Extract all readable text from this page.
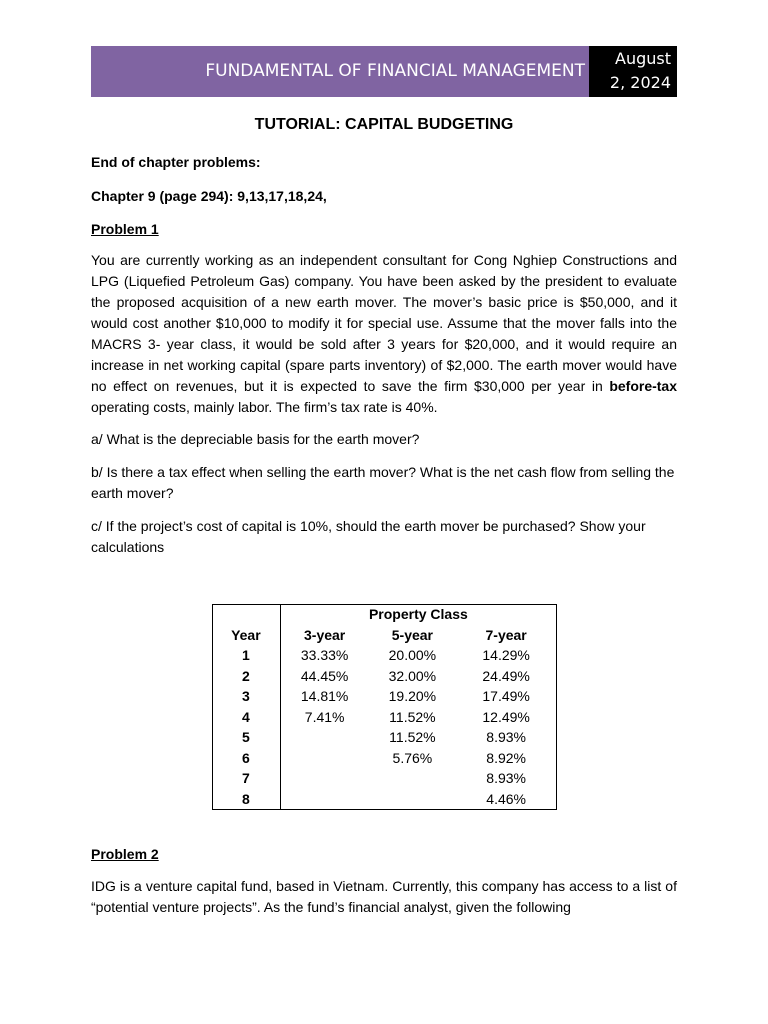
FUNDAMENTAL OF FINANCIAL MANAGEMENT
August
2, 2024
TUTORIAL: CAPITAL BUDGETING
End of chapter problems:
Chapter 9 (page 294): 9,13,17,18,24,
Problem 1
You are currently working as an independent consultant for Cong Nghiep Constructions and LPG (Liquefied Petroleum Gas) company. You have been asked by the president to evaluate the proposed acquisition of a new earth mover. The mover’s basic price is $50,000, and it would cost another $10,000 to modify it for special use. Assume that the mover falls into the MACRS 3- year class, it would be sold after 3 years for $20,000, and it would require an increase in net working capital (spare parts inventory) of $2,000. The earth mover would have no effect on revenues, but it is expected to save the firm $30,000 per year in before-tax operating costs, mainly labor. The firm’s tax rate is 40%.
a/ What is the depreciable basis for the earth mover?
b/ Is there a tax effect when selling the earth mover? What is the net cash flow from selling the earth mover?
c/ If the project’s cost of capital is 10%, should the earth mover be purchased? Show your calculations
	Property Class		
Year	3-year	5-year	7-year
1	33.33%	20.00%	14.29%
2	44.45%	32.00%	24.49%
3	14.81%	19.20%	17.49%
4	7.41%	11.52%	12.49%
5		11.52%	8.93%
6		5.76%	8.92%
7			8.93%
8			4.46%
Problem 2
IDG is a venture capital fund, based in Vietnam. Currently, this company has access to a list of “potential venture projects”. As the fund’s financial analyst, given the following
